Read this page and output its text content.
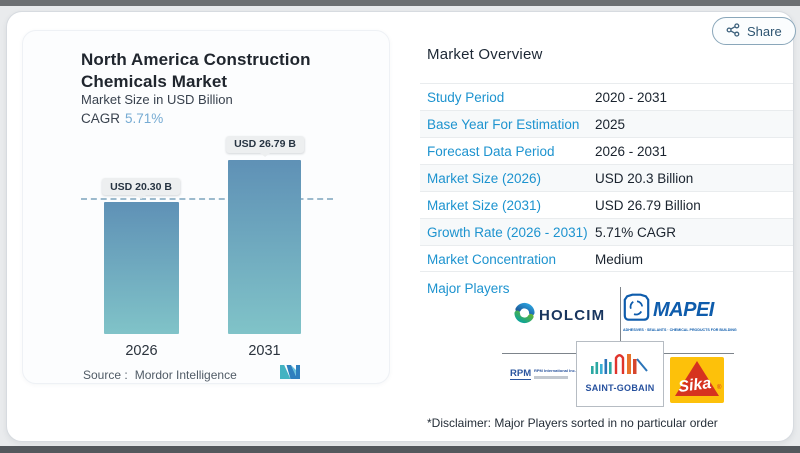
North America Construction Chemicals Market
Market Size in USD Billion
CAGR 5.71%
USD 20.30 B
USD 26.79 B
2026	2031
Source : Mordor Intelligence
Share
Market Overview
Study Period	2020 - 2031
Base Year For Estimation 2025
Forecast Data Period	2026 - 2031
Market Size (2026)	USD 20.3 Billion
Market Size (2031)	USD 26.79 Billion
Growth Rate (2026 - 2031) 5.71% CAGR
Market Concentration	Medium
Major Players
HOLCIM MAPEI
ADHESIVES · SEALANTS · CHEMICAL PRODUCTS FOR BUILDING
RPM RPM International Inc.
SAINT-GOBAIN Sika ®
*Disclaimer: Major Players sorted in no particular order
